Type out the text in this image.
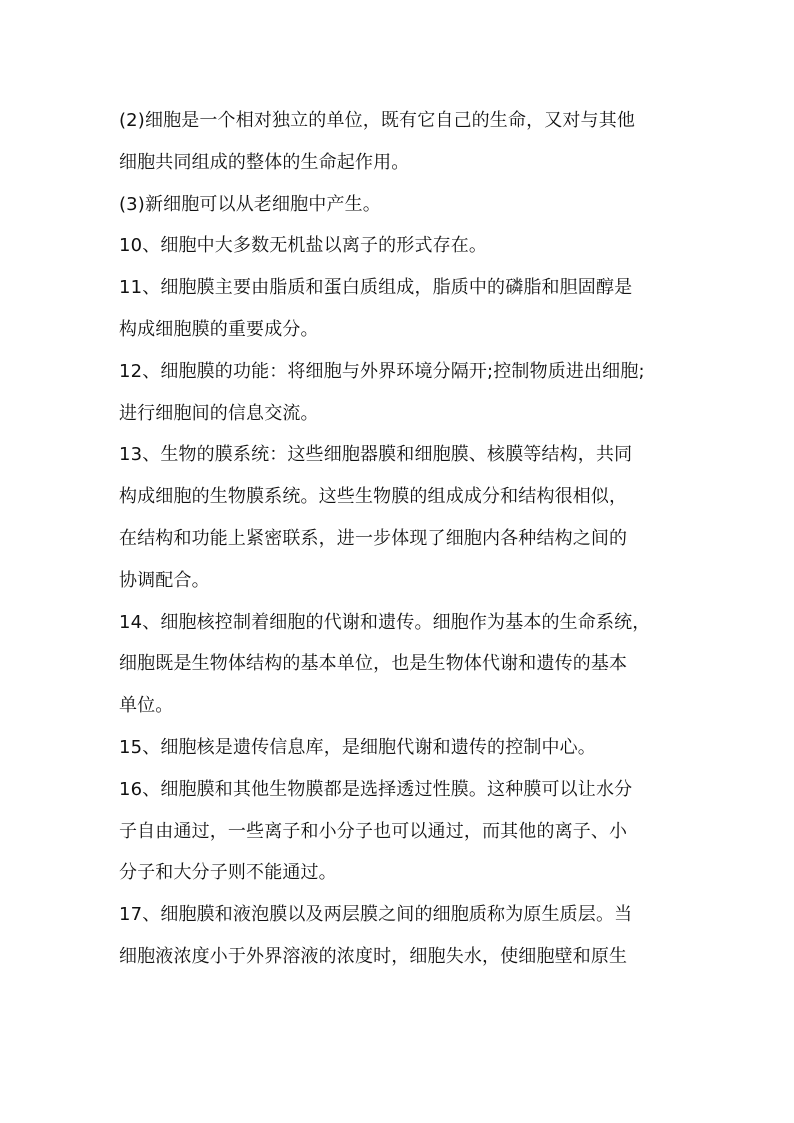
(2)细胞是一个相对独立的单位，既有它自己的生命，又对与其他
细胞共同组成的整体的生命起作用。
(3)新细胞可以从老细胞中产生。
10、细胞中大多数无机盐以离子的形式存在。
11、细胞膜主要由脂质和蛋白质组成，脂质中的磷脂和胆固醇是
构成细胞膜的重要成分。
12、细胞膜的功能：将细胞与外界环境分隔开;控制物质进出细胞;
进行细胞间的信息交流。
13、生物的膜系统：这些细胞器膜和细胞膜、核膜等结构，共同
构成细胞的生物膜系统。这些生物膜的组成成分和结构很相似，
在结构和功能上紧密联系，进一步体现了细胞内各种结构之间的
协调配合。
14、细胞核控制着细胞的代谢和遗传。细胞作为基本的生命系统，
细胞既是生物体结构的基本单位，也是生物体代谢和遗传的基本
单位。
15、细胞核是遗传信息库，是细胞代谢和遗传的控制中心。
16、细胞膜和其他生物膜都是选择透过性膜。这种膜可以让水分
子自由通过，一些离子和小分子也可以通过，而其他的离子、小
分子和大分子则不能通过。
17、细胞膜和液泡膜以及两层膜之间的细胞质称为原生质层。当
细胞液浓度小于外界溶液的浓度时，细胞失水，使细胞壁和原生
